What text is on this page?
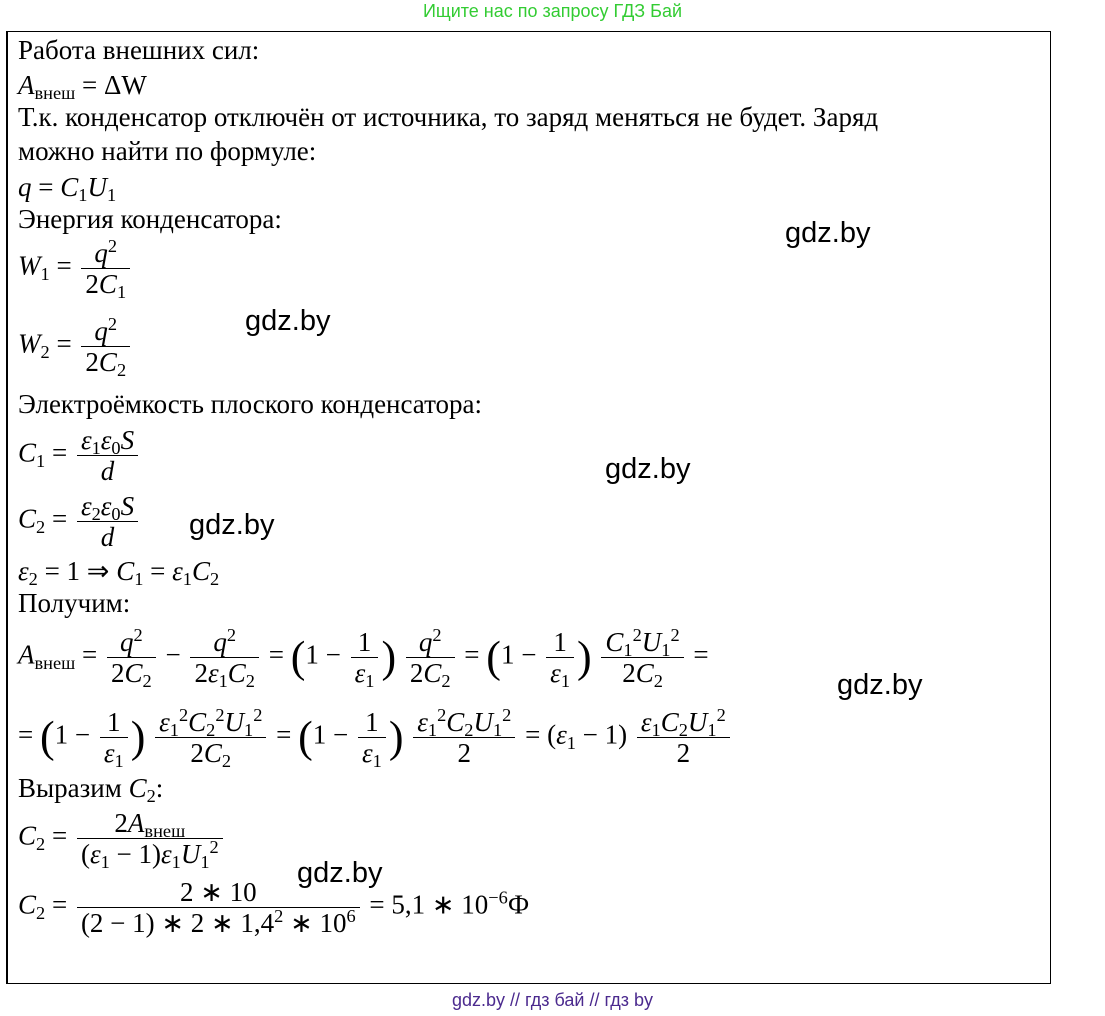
Ищите нас по запросу ГДЗ Бай
Работа внешних сил:
$A_{внеш} = \Delta W$
Т.к. конденсатор отключён от источника, то заряд меняться не будет. Заряд
можно найти по формуле:
$q = C_1U_1$
Энергия конденсатора:
$W_1 = \frac{q^2}{2C_1}$
$W_2 = \frac{q^2}{2C_2}$
Электроёмкость плоского конденсатора:
$C_1 = \frac{\varepsilon_1\varepsilon_0S}{d}$
$C_2 = \frac{\varepsilon_2\varepsilon_0S}{d}$
$\varepsilon_2 = 1$ ⇒ $C_1 = \varepsilon_1C_2$
Получим:
$A_{внеш} = \frac{q^2}{2C_2} - \frac{q^2}{2\varepsilon_1C_2} = (1 - \frac{1}{\varepsilon_1}$ ) $\frac{q^2}{2C_2} = (1 - \frac{1}{\varepsilon_1}$ ) $\frac{C_1^2U_1^2}{2C_2}$ =
= ($1 - \frac{1}{\varepsilon_1}$ ) $\frac{\varepsilon_1^2C_2^2U_1^2}{2C_2} = (1 - \frac{1}{\varepsilon_1}$ ) $\frac{\varepsilon_1^2C_2U_1^2}{2} = (\varepsilon_1 - 1) \frac{\varepsilon_1C_2U_1^2}{2}$
Выразим $C_2$:
$C_2 = \frac{2A_{внеш}}{(\varepsilon_1 - 1)\varepsilon_1U_1^2}$
$C_2 = \frac{2 ∗ 10}{(2 - 1) ∗ 2 ∗ 1,4^2 ∗ 10^6} = 5,1$ ∗ $10^{-6}Ф$
gdz.by
gdz.by
gdz.by
gdz.by
gdz.by
gdz.by
gdz.by // гдз бай // гдз by
